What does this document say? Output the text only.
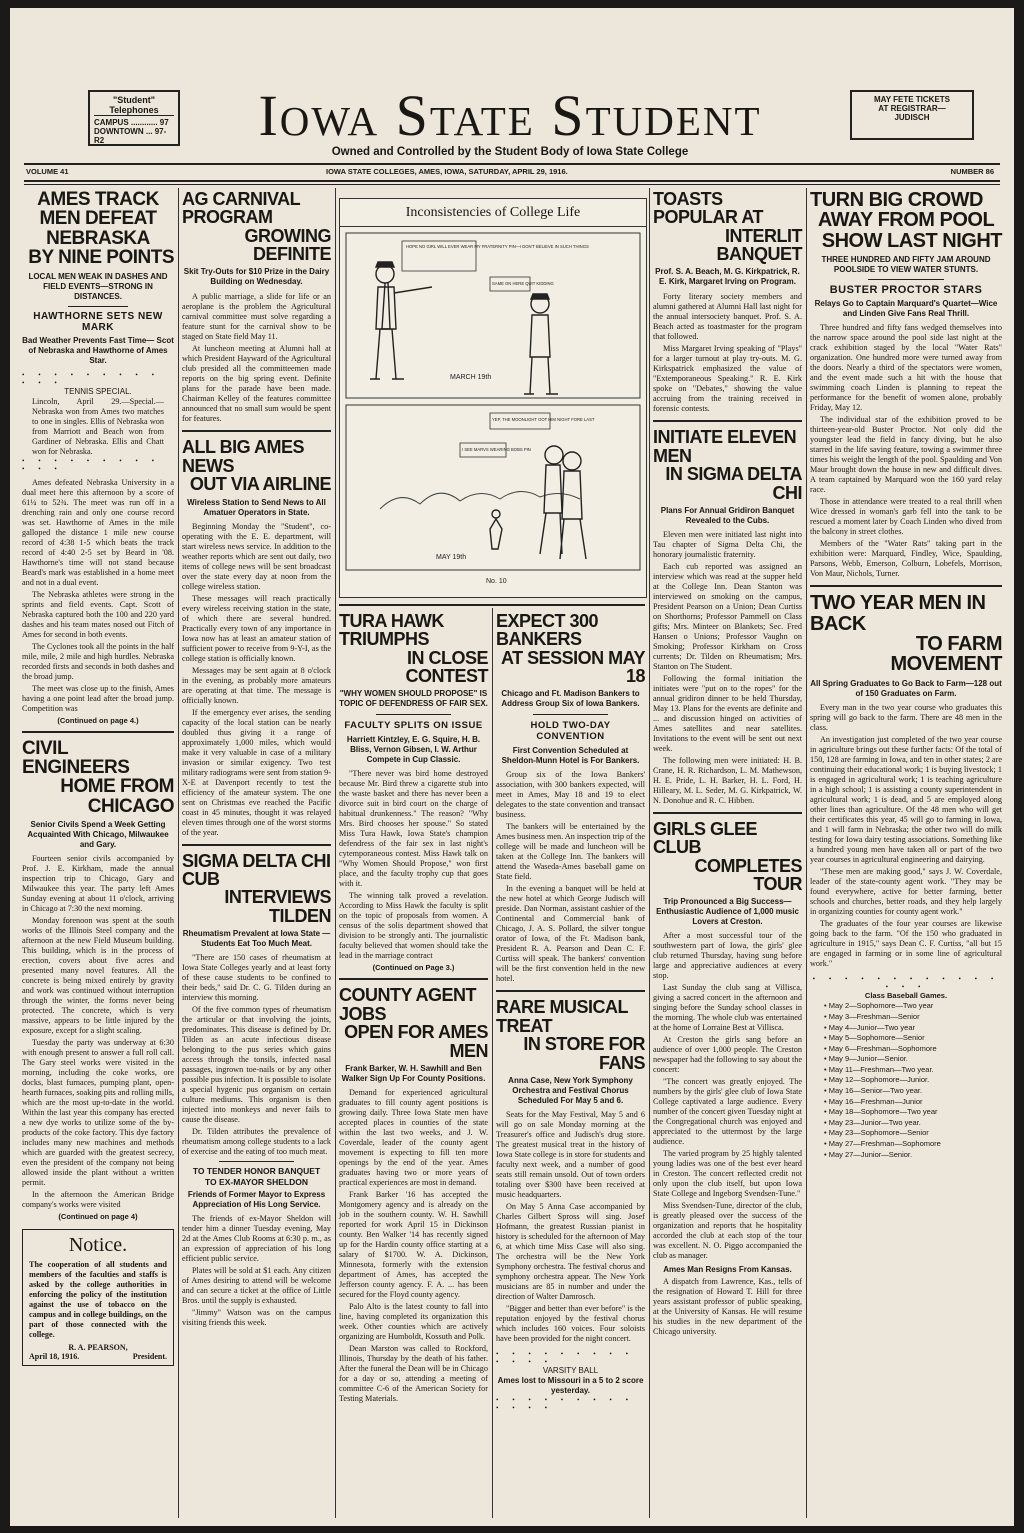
"Student" Telephones
CAMPUS ............ 97
DOWNTOWN ... 97-R2
MAY FETE TICKETS
AT REGISTRAR—
JUDISCH
Iowa State Student
Owned and Controlled by the Student Body of Iowa State College
VOLUME 41	IOWA STATE COLLEGES, AMES, IOWA, SATURDAY, APRIL 29, 1916.	NUMBER 86
AMES TRACK MEN DEFEAT NEBRASKA
BY NINE POINTS
LOCAL MEN WEAK IN DASHES AND FIELD EVENTS—STRONG IN DISTANCES.
HAWTHORNE SETS NEW MARK
Bad Weather Prevents Fast Time— Scot of Nebraska and Hawthorne of Ames Star.
• • • • • • • • • • • •
TENNIS SPECIAL.
Lincoln, April 29.—Special.— Nebraska won from Ames two matches to one in singles. Ellis of Nebraska won from Marriott and Beach won from Gardiner of Nebraska. Ellis and Chatt won for Nebraska.
• • • • • • • • • • • •

Ames defeated Nebraska University in a dual meet here this afternoon by a score of 61¼ to 52¾. The meet was run off in a drenching rain and only one course record was set. Hawthorne of Ames in the mile galloped the distance 1 mile new course record of 4:38 1-5 which beats the track record of 4:40 2-5 set by Beard in '08. Hawthorne's time will not stand because Beard's mark was established in a home meet and not in a dual event.

The Nebraska athletes were strong in the sprints and field events. Capt. Scott of Nebraska captured both the 100 and 220 yard dashes and his team mates nosed out Fitch of Ames for second in both events.

The Cyclones took all the points in the half mile, mile, 2 mile and high hurdles. Nebraska recorded firsts and seconds in both dashes and the broad jump.

The meet was close up to the finish, Ames having a one point lead after the broad jump. Competition was

(Continued on page 4.)
CIVIL ENGINEERS
HOME FROM CHICAGO
Senior Civils Spend a Week Getting Acquainted With Chicago, Milwaukee and Gary.

Fourteen senior civils accompanied by Prof. J. E. Kirkham, made the annual inspection trip to Chicago, Gary and Milwaukee this year. The party left Ames Sunday evening at about 11 o'clock, arriving in Chicago at 7:30 the next morning.

Monday forenoon was spent at the south works of the Illinois Steel company and the afternoon at the new Field Museum building. This building, which is in the process of erection, covers about five acres and presented many novel features. All the concrete is being mixed entirely by gravity and work was continued without interruption through the winter, the forms never being protected. The concrete, which is very massive, appears to be little injured by the exposure, except for a slight scaling.

Tuesday the party was underway at 6:30 with enough present to answer a full roll call. The Gary steel works were visited in the morning, including the coke works, ore docks, blast furnaces, pumping plant, open-hearth furnaces, soaking pits and rolling mills, which are the most up-to-date in the world. Within the last year this company has erected a new dye works to utilize some of the by-products of the coke factory. This dye factory includes many new machines and methods which are guarded with the greatest secrecy, even the president of the company not being allowed inside the plant without a written permit.

In the afternoon the American Bridge company's works were visited

(Continued on page 4)
Notice.
The cooperation of all students and members of the faculties and staffs is asked by the college authorities in enforcing the policy of the institution against the use of tobacco on the campus and in college buildings, on the part of those connected with the college.
R. A. PEARSON,
April 18, 1916.	President.
AG CARNIVAL PROGRAM
GROWING DEFINITE
Skit Try-Outs for $10 Prize in the Dairy Building on Wednesday.

A public marriage, a slide for life or an aeroplane is the problem the Agricultural carnival committee must solve regarding a feature stunt for the carnival show to be staged on State field May 11.

At luncheon meeting at Alumni hall at which President Hayward of the Agricultural club presided all the committeemen made reports on the big spring event. Definite plans for the parade have been made. Chairman Kelley of the features committee announced that no small sum would be spent for features.

ALL BIG AMES NEWS
OUT VIA AIRLINE
Wireless Station to Send News to All Amatuer Operators in State.

Beginning Monday the "Student", co-operating with the E. E. department, will start wireless news service. In addition to the weather reports which are sent out daily, two items of college news will be sent broadcast over the state every day at noon from the college wireless station.

These messages will reach practically every wireless receiving station in the state, of which there are several hundred. Practically every town of any importance in Iowa now has at least an amateur station of sufficient power to receive from 9-Y-I, as the college station is officially known.

Messages may be sent again at 8 o'clock in the evening, as probably more amateurs are operating at that time. The message is officially known.

If the emergency ever arises, the sending capacity of the local station can be nearly doubled thus giving it a range of approximately 1,000 miles, which would make it very valuable in case of a military invasion or similar exigency. Two test military radiograms were sent from station 9-X-E at Davenport recently to test the efficiency of the amateur system. The one sent on Christmas eve reached the Pacific coast in 45 minutes, thought it was relayed eleven times through one of the worst storms of the year.

SIGMA DELTA CHI CUB
INTERVIEWS TILDEN
Rheumatism Prevalent at Iowa State —Students Eat Too Much Meat.

"There are 150 cases of rheumatism at Iowa State Colleges yearly and at least forty of these cause students to be confined to their beds," said Dr. C. G. Tilden during an interview this morning.

Of the five common types of rheumatism the articular or that involving the joints, predominates. This disease is defined by Dr. Tilden as an acute infectious disease belonging to the pus series which gains access through the tonsils, infected nasal passages, ingrown toe-nails or by any other possible pus infection. It is possible to isolate a special hygenic pus organism on certain culture mediums. This organism is then injected into monkeys and never fails to cause the disease.

Dr. Tilden attributes the prevalence of rheumatism among college students to a lack of exercise and the eating of too much meat.

TO TENDER HONOR BANQUET
TO EX-MAYOR SHELDON
Friends of Former Mayor to Express Appreciation of His Long Service.

The friends of ex-Mayor Sheldon will tender him a dinner Tuesday evening, May 2d at the Ames Club Rooms at 6:30 p. m., as an expression of appreciation of his long efficient public service.

Plates will be sold at $1 each. Any citizen of Ames desiring to attend will be welcome and can secure a ticket at the office of Little Bros. until the supply is exhausted.

"Jimmy" Watson was on the campus visiting friends this week.

Inconsistencies of College Life
HOPE NO GIRL WILL EVER WEAR MY FRATERNITY PIN—I DON'T BELIEVE IN SUCH THINGS
SAME ON HERE QUIT KIDDING
MARCH 19th
YEP, THE MOONLIGHT GOT HIM NIGHT FORE LAST
I SEE MARVS WEARING BOBS PIN
MAY 19th
No. 10
TURA HAWK TRIUMPHS
IN CLOSE CONTEST
"WHY WOMEN SHOULD PROPOSE" IS TOPIC OF DEFENDRESS OF FAIR SEX.
FACULTY SPLITS ON ISSUE
Harriett Kintzley, E. G. Squire, H. B. Bliss, Vernon Gibsen, I. W. Arthur Compete in Cup Classic.

"There never was bird home destroyed because Mr. Bird threw a cigarette stub into the waste basket and there has never been a divorce suit in bird court on the charge of habitual drunkenness." The reason? "Why Mrs. Bird chooses her spouse." So stated Miss Tura Hawk, Iowa State's champion defendress of the fair sex in last night's cytemporaneous contest. Miss Hawk talk on "Why Women Should Propose," won first place, and the faculty trophy cup that goes with it.

The winning talk proved a revelation. According to Miss Hawk the faculty is split on the topic of proposals from women. A census of the solis department showed that division to be strongly anti. The journalistic faculty believed that women should take the lead in the marriage contract

(Continued on Page 3.)
COUNTY AGENT JOBS
OPEN FOR AMES MEN
Frank Barker, W. H. Sawhill and Ben Walker Sign Up For County Positions.

Demand for experienced agricultural graduates to fill county agent positions is growing daily. Three Iowa State men have accepted places in counties of the state within the last two weeks, and J. W. Coverdale, leader of the county agent movement is expecting to fill ten more openings by the end of the year. Ames graduates having two or more years of practical experiences are most in demand.

Frank Barker '16 has accepted the Montgomery agency and is already on the job in the southern county. W. H. Sawhill reported for work April 15 in Dickinson county. Ben Walker '14 has recently signed up for the Hardin county office starting at a salary of $1700. W. A. Dickinson, Minnesota, formerly with the extension department of Ames, has accepted the Jefferson county agency. F. A. ... has been secured for the Floyd county agency.

Palo Alto is the latest county to fall into line, having completed its organization this week. Other counties which are actively organizing are Humboldt, Kossuth and Polk.

Dean Marston was called to Rockford, Illinois, Thursday by the death of his father. After the funeral the Dean will be in Chicago for a day or so, attending a meeting of committee C-6 of the American Society for Testing Materials.

EXPECT 300 BANKERS
AT SESSION MAY 18
Chicago and Ft. Madison Bankers to Address Group Six of Iowa Bankers.
HOLD TWO-DAY CONVENTION
First Convention Scheduled at Sheldon-Munn Hotel is For Bankers.

Group six of the Iowa Bankers' association, with 300 bankers expected, will meet in Ames, May 18 and 19 to elect delegates to the state convention and transact business.

The bankers will be entertained by the Ames business men. An inspection trip of the college will be made and luncheon will be taken at the College Inn. The bankers will attend the Waseda-Ames baseball game on State field.

In the evening a banquet will be held at the new hotel at which George Judisch will preside. Dan Norman, assistant cashier of the Continental and Commercial bank of Chicago, J. A. S. Pollard, the silver tongue orator of Iowa, of the Ft. Madison bank, President R. A. Pearson and Dean C. F. Curtiss will speak. The bankers' convention will be the first convention held in the new hotel.

RARE MUSICAL TREAT
IN STORE FOR FANS
Anna Case, New York Symphony Orchestra and Festival Chorus Scheduled For May 5 and 6.

Seats for the May Festival, May 5 and 6 will go on sale Monday morning at the Treasurer's office and Judisch's drug store. The greatest musical treat in the history of Iowa State college is in store for students and faculty next week, and a number of good seats still remain unsold. Out of town orders totaling over $300 have been received at music headquarters.

On May 5 Anna Case accompanied by Charles Gilbert Spross will sing. Josef Hofmann, the greatest Russian pianist in history is scheduled for the afternoon of May 6, at which time Miss Case will also sing. The orchestra will be the New York Symphony orchestra. The festival chorus and symphony orchestra appear. The New York musicians are 85 in number and under the direction of Walter Damrosch.

"Bigger and better than ever before" is the reputation enjoyed by the festival chorus which includes 160 voices. Four soloists have been provided for the night concert.

• • • • • • • • • • • • •
VARSITY BALL
Ames lost to Missouri in a 5 to 2 score yesterday.
• • • • • • • • • • • • •
TOASTS POPULAR AT
INTERLIT BANQUET
Prof. S. A. Beach, M. G. Kirkpatrick, R. E. Kirk, Margaret Irving on Program.

Forty literary society members and alumni gathered at Alumni Hall last night for the annual intersociety banquet. Prof. S. A. Beach acted as toastmaster for the program that followed.

Miss Margaret Irving speaking of "Plays" for a larger turnout at play try-outs. M. G. Kirkspatrick emphasized the value of "Extemporaneous Speaking." R. E. Kirk spoke on "Debates," showing the value accruing from the training received in forensic contests.

INITIATE ELEVEN MEN
IN SIGMA DELTA CHI
Plans For Annual Gridiron Banquet Revealed to the Cubs.

Eleven men were initiated last night into Tau chapter of Sigma Delta Chi, the honorary journalistic fraternity.

Each cub reported was assigned an interview which was read at the supper held at the College Inn. Dean Stanton was interviewed on smoking on the campus, President Pearson on a Union; Dean Curtiss on Shorthorns; Professor Pammell on Class gifts; Mrs. Minteer on Blankets; Sec. Fred Hansen o Unions; Professor Vaughn on Smoking; Professor Kirkham on Cross currents; Dr. Tilden on Rheumatism; Mrs. Stanton on The Student.

Following the formal initiation the initiates were "put on to the ropes" for the annual gridiron dinner to be held Thursday, May 13. Plans for the events are definite and ... and discussion hinged on activities of Ames satellites and near satellites. Invitations to the event will be sent out next week.

The following men were initiated: H. B. Crane, H. R. Richardson, L. M. Mathewson, H. E. Pride, L. H. Barker, H. L. Ford, H. Hilleary, M. L. Seder, M. G. Kirkpatrick, W. N. Donohue and R. C. Hibben.

GIRLS GLEE CLUB
COMPLETES TOUR
Trip Pronounced a Big Success—Enthusiastic Audience of 1,000 music Lovers at Creston.

After a most successful tour of the southwestern part of Iowa, the girls' glee club returned Thursday, having sung before large and appreciative audiences at every stop.

Last Sunday the club sang at Villisca, giving a sacred concert in the afternoon and singing before the Sunday school classes in the morning. The whole club was entertained at the home of Lorraine Best at Villisca.

At Creston the girls sang before an audience of over 1,000 people. The Creston newspaper had the following to say about the concert:

"The concert was greatly enjoyed. The numbers by the girls' glee club of Iowa State College captivated a large audience. Every number of the concert given Tuesday night at the Congregational church was enjoyed and appreciated to the uttermost by the large audience.

The varied program by 25 highly talented young ladies was one of the best ever heard in Creston. The concert reflected credit not only upon the club itself, but upon Iowa State College and Ingeborg Svendsen-Tune."

Miss Svendsen-Tune, director of the club, is greatly pleased over the success of the organization and reports that he hospitality accorded the club at each stop of the tour was excellent. N. O. Piggo accompanied the club as manager.

Ames Man Resigns From Kansas.

A dispatch from Lawrence, Kas., tells of the resignation of Howard T. Hill for three years assistant professor of public speaking, at the University of Kansas. He will resume his studies in the new department of the Chicago university.

TURN BIG CROWD
AWAY FROM POOL
SHOW LAST NIGHT
THREE HUNDRED AND FIFTY JAM AROUND POOLSIDE TO VIEW WATER STUNTS.
BUSTER PROCTOR STARS
Relays Go to Captain Marquard's Quartet—Wice and Linden Give Fans Real Thrill.

Three hundred and fifty fans wedged themselves into the narrow space around the pool side last night at the crack exhibition staged by the local "Water Rats" organization. One hundred more were turned away from the doors. Nearly a third of the spectators were women, and the event made such a hit with the house that swimming coach Linden is planning to repeat the performance for the benefit of women alone, probably Friday, May 12.

The individual star of the exhibition proved to be thirteen-year-old Buster Proctor. Not only did the youngster lead the field in fancy diving, but he also starred in the life saving feature, towing a swimmer three times his weight the length of the pool. Spaulding and Von Maur brought down the house in new and difficult dives. A team captained by Marquard won the 160 yard relay race.

Those in attendance were treated to a real thrill when Wice dressed in woman's garb fell into the tank to be rescued a moment later by Coach Linden who dived from the balcony in street clothes.

Members of the "Water Rats" taking part in the exhibition were: Marquard, Findley, Wice, Spaulding, Parsons, Webb, Emerson, Colburn, Lobefels, Morrison, Von Maur, Nichols, Turner.

TWO YEAR MEN IN BACK
TO FARM MOVEMENT
All Spring Graduates to Go Back to Farm—128 out of 150 Graduates on Farm.

Every man in the two year course who graduates this spring will go back to the farm. There are 48 men in the class.

An investigation just completed of the two year course in agriculture brings out these further facts: Of the total of 150, 128 are farming in Iowa, and ten in other states; 2 are continuing their educational work; 1 is buying livestock; 1 is engaged in agricultural work; 1 is teaching agriculture in a high school; 1 is assisting a county superintendent in agricultural work; 1 is dead, and 5 are employed along other lines than agriculture. Of the 48 men who will get their certificates this year, 45 will go to farming in Iowa, and 1 will farm in Nebraska; the other two will do milk testing for Iowa dairy testing associations. Something like a hundred young men have taken all or part of the two year courses in agricultural engineering and dairying.

"These men are making good," says J. W. Coverdale, leader of the state-county agent work. "They may be found everywhere, active for better farming, better schools and churches, better roads, and they help largely in organizing counties for county agent work."

The graduates of the four year courses are likewise going back to the farm. "Of the 150 who graduated in agriculture in 1915," says Dean C. F. Curtiss, "all but 15 are engaged in farming or in some line of agricultural work."

• • • • • • • • • • • • • • •
Class Baseball Games.
• May 2—Sophomore—Two year
• May 3—Freshman—Senior
• May 4—Junior—Two year
• May 5—Sophomore—Senior
• May 6—Freshman—Sophomore
• May 9—Junior—Senior.
• May 11—Freshman—Two year.
• May 12—Sophomore—Junior.
• May 16—Senior—Two year.
• May 16—Freshman—Junior
• May 18—Sophomore—Two year
• May 23—Junior—Two year.
• May 23—Sophomore—Senior
• May 27—Freshman—Sophomore
• May 27—Junior—Senior.
